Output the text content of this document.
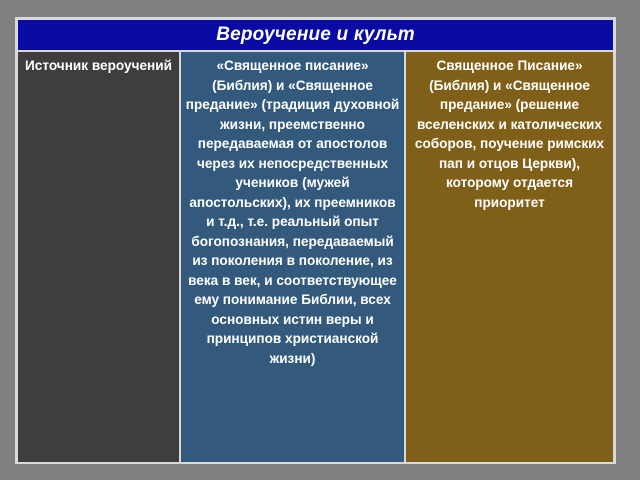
Вероучение и культ
Источник вероучений	«Священное писание» (Библия) и «Священное предание» (традиция духовной жизни, преемственно передаваемая от апостолов через их непосредственных учеников (мужей апостольских), их преемников и т.д., т.е. реальный опыт богопознания, передаваемый из поколения в поколение, из века в век, и соответствующее ему понимание Библии, всех основных истин веры и принципов христианской жизни)
Священное Писание» (Библия) и «Священное предание» (решение вселенских и католических соборов, поучение римских пап и отцов Церкви), которому отдается приоритет
